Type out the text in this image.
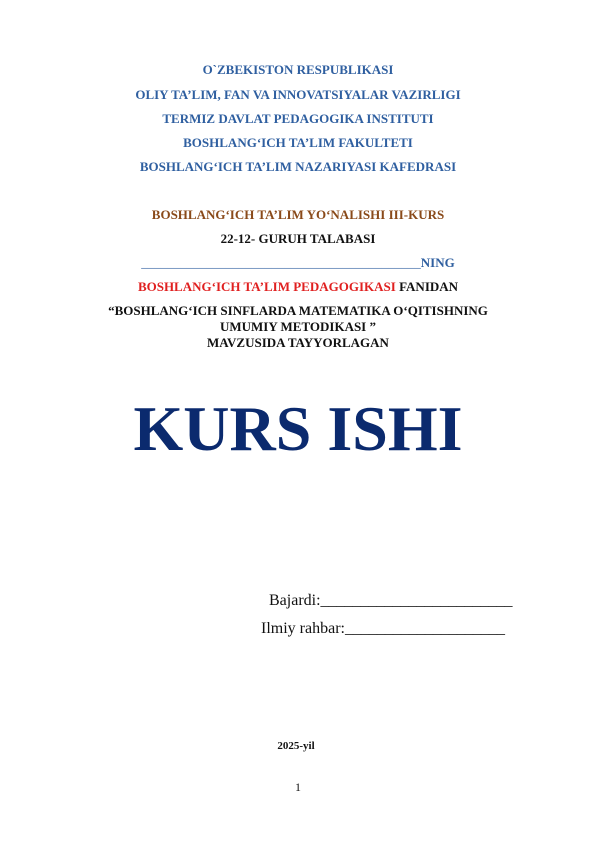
O`ZBEKISTON RESPUBLIKASI
OLIY TA’LIM, FAN VA INNOVATSIYALAR VAZIRLIGI
TERMIZ DAVLAT PEDAGOGIKA INSTITUTI
BOSHLANG‘ICH TA’LIM FAKULTETI
BOSHLANG‘ICH TA’LIM NAZARIYASI KAFEDRASI
BOSHLANG‘ICH TA’LIM YO‘NALISHI III-KURS
22-12- GURUH TALABASI
___________________________________________NING
BOSHLANG‘ICH TA’LIM PEDAGOGIKASI FANIDAN
“BOSHLANG‘ICH SINFLARDA MATEMATIKA O‘QITISHNING
UMUMIY METODIKASI ”
MAVZUSIDA TAYYORLAGAN
KURS ISHI
Bajardi:________________________
Ilmiy rahbar:____________________
2025-yil
1
